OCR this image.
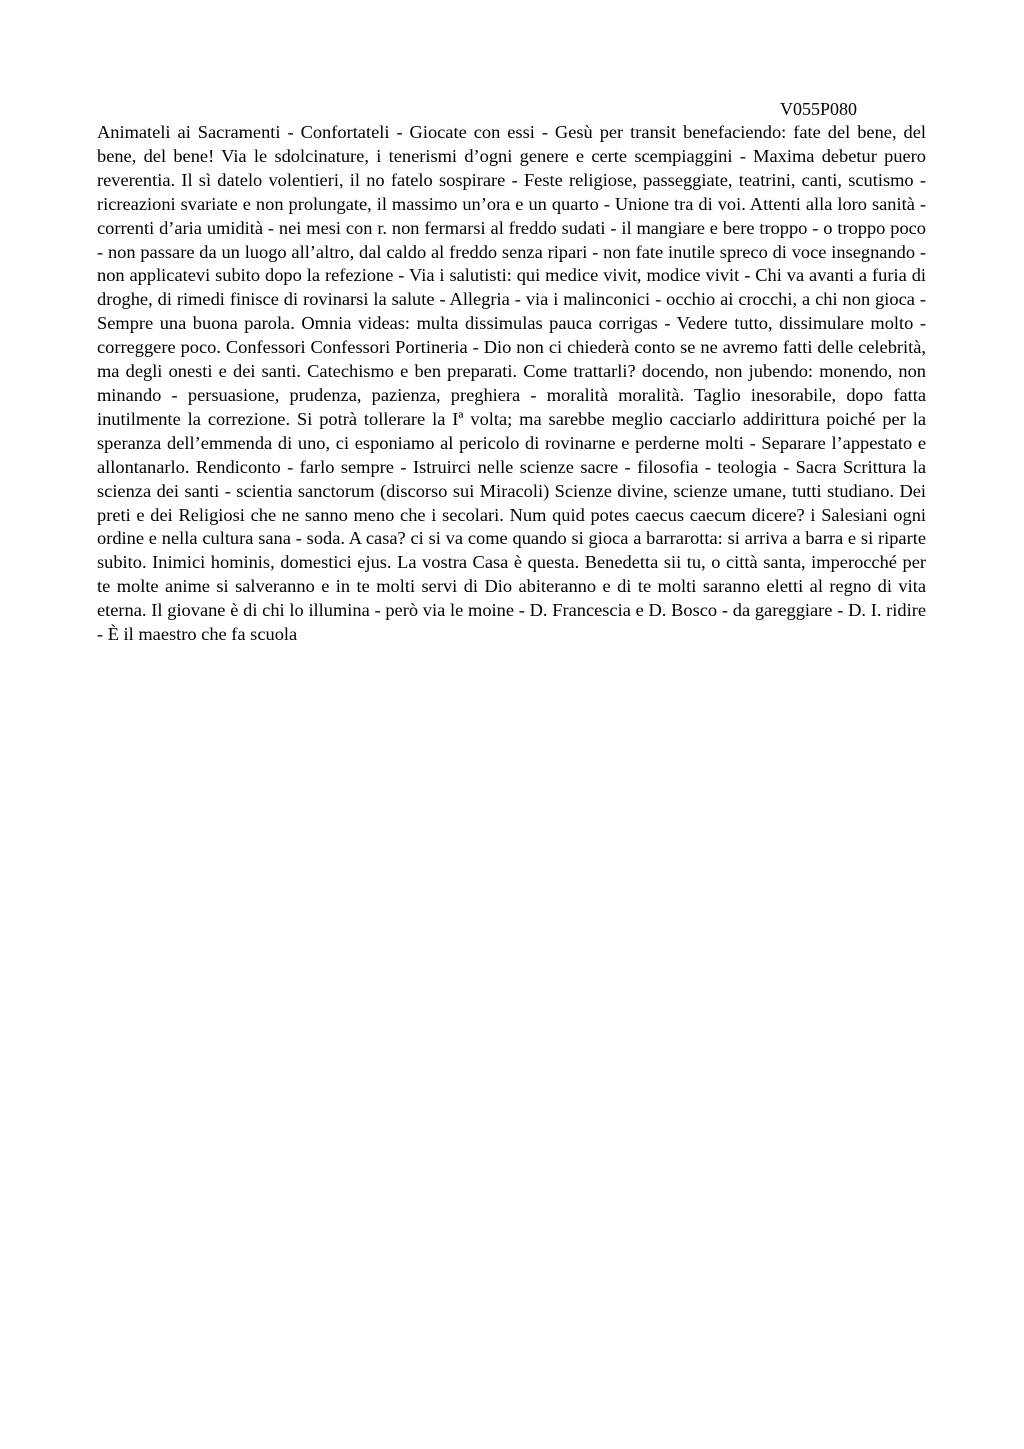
V055P080

Animateli ai Sacramenti - Confortateli - Giocate con essi - Gesù per transit benefaciendo: fate del bene, del bene, del bene! Via le sdolcinature, i tenerismi d’ogni genere e certe scempiaggini - Maxima debetur puero reverentia. Il sì datelo volentieri, il no fatelo sospirare - Feste religiose, passeggiate, teatrini, canti, scutismo - ricreazioni svariate e non prolungate, il massimo un’ora e un quarto - Unione tra di voi. Attenti alla loro sanità - correnti d’aria umidità - nei mesi con r. non fermarsi al freddo sudati - il mangiare e bere troppo - o troppo poco - non passare da un luogo all’altro, dal caldo al freddo senza ripari - non fate inutile spreco di voce insegnando - non applicatevi subito dopo la refezione - Via i salutisti: qui medice vivit, modice vivit - Chi va avanti a furia di droghe, di rimedi finisce di rovinarsi la salute - Allegria - via i malinconici - occhio ai crocchi, a chi non gioca - Sempre una buona parola. Omnia videas: multa dissimulas pauca corrigas - Vedere tutto, dissimulare molto - correggere poco. Confessori Confessori Portineria - Dio non ci chiederà conto se ne avremo fatti delle celebrità, ma degli onesti e dei santi. Catechismo e ben preparati. Come trattarli? docendo, non jubendo: monendo, non minando - persuasione, prudenza, pazienza, preghiera - moralità moralità. Taglio inesorabile, dopo fatta inutilmente la correzione. Si potrà tollerare la Iª volta; ma sarebbe meglio cacciarlo addirittura poiché per la speranza dell’emmenda di uno, ci esponiamo al pericolo di rovinarne e perderne molti - Separare l’appestato e allontanarlo. Rendiconto - farlo sempre - Istruirci nelle scienze sacre - filosofia - teologia - Sacra Scrittura la scienza dei santi - scientia sanctorum (discorso sui Miracoli) Scienze divine, scienze umane, tutti studiano. Dei preti e dei Religiosi che ne sanno meno che i secolari. Num quid potes caecus caecum dicere? i Salesiani ogni ordine e nella cultura sana - soda. A casa? ci si va come quando si gioca a barrarotta: si arriva a barra e si riparte subito. Inimici hominis, domestici ejus. La vostra Casa è questa. Benedetta sii tu, o città santa, imperocché per te molte anime si salveranno e in te molti servi di Dio abiteranno e di te molti saranno eletti al regno di vita eterna. Il giovane è di chi lo illumina - però via le moine - D. Francescia e D. Bosco - da gareggiare - D. I. ridire - È il maestro che fa scuola
